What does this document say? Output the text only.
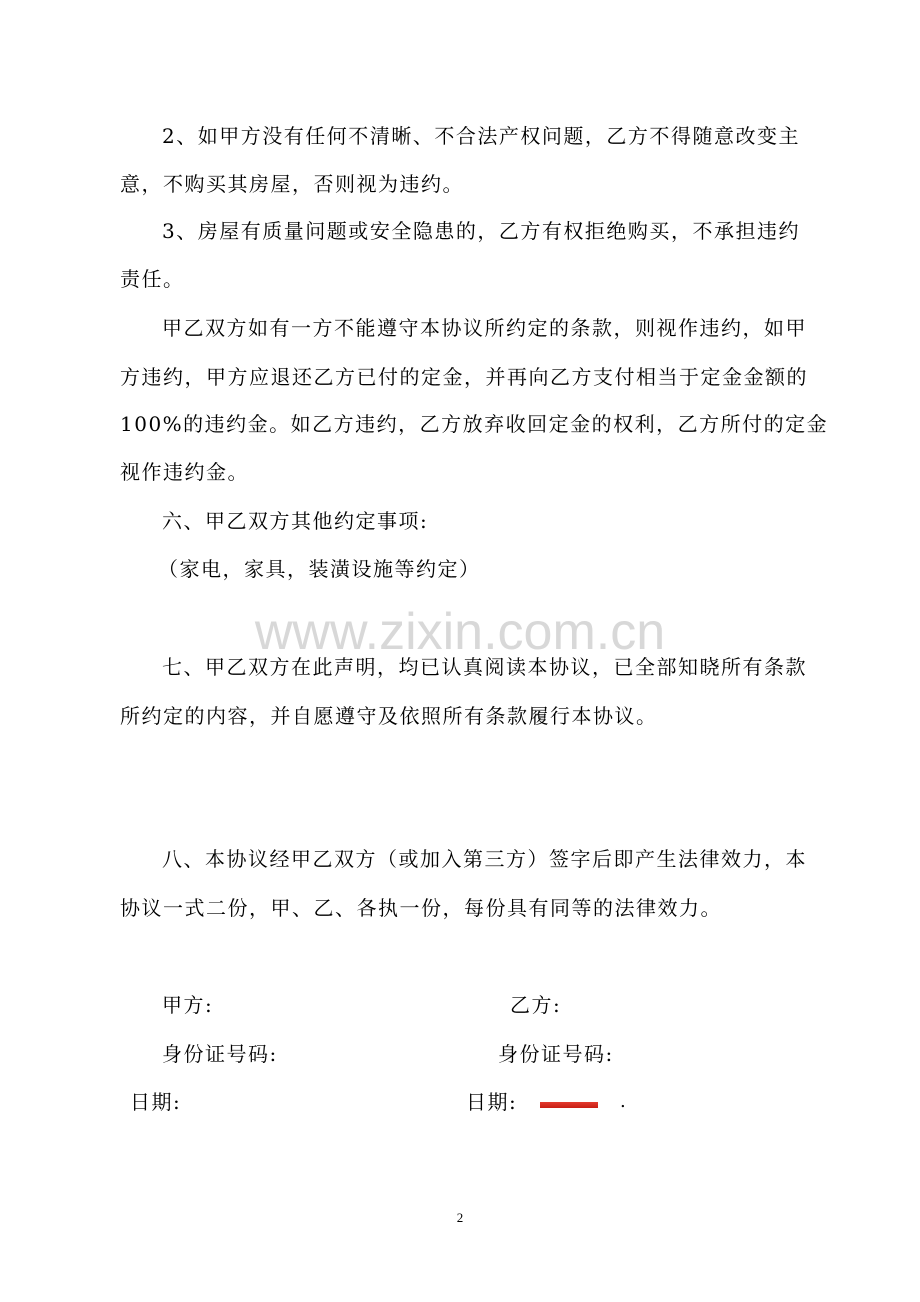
2、如甲方没有任何不清晰、不合法产权问题，乙方不得随意改变主
意，不购买其房屋，否则视为违约。
3、房屋有质量问题或安全隐患的，乙方有权拒绝购买，不承担违约
责任。
甲乙双方如有一方不能遵守本协议所约定的条款，则视作违约，如甲
方违约，甲方应退还乙方已付的定金，并再向乙方支付相当于定金金额的
100%的违约金。如乙方违约，乙方放弃收回定金的权利，乙方所付的定金
视作违约金。
六、甲乙双方其他约定事项:
（家电，家具，装潢设施等约定）
www.zixin.com.cn
七、甲乙双方在此声明，均已认真阅读本协议，已全部知晓所有条款
所约定的内容，并自愿遵守及依照所有条款履行本协议。
八、本协议经甲乙双方（或加入第三方）签字后即产生法律效力，本
协议一式二份，甲、乙、各执一份，每份具有同等的法律效力。
甲方:	乙方:
身份证号码:	身份证号码:
日期:	日期:	.
2
